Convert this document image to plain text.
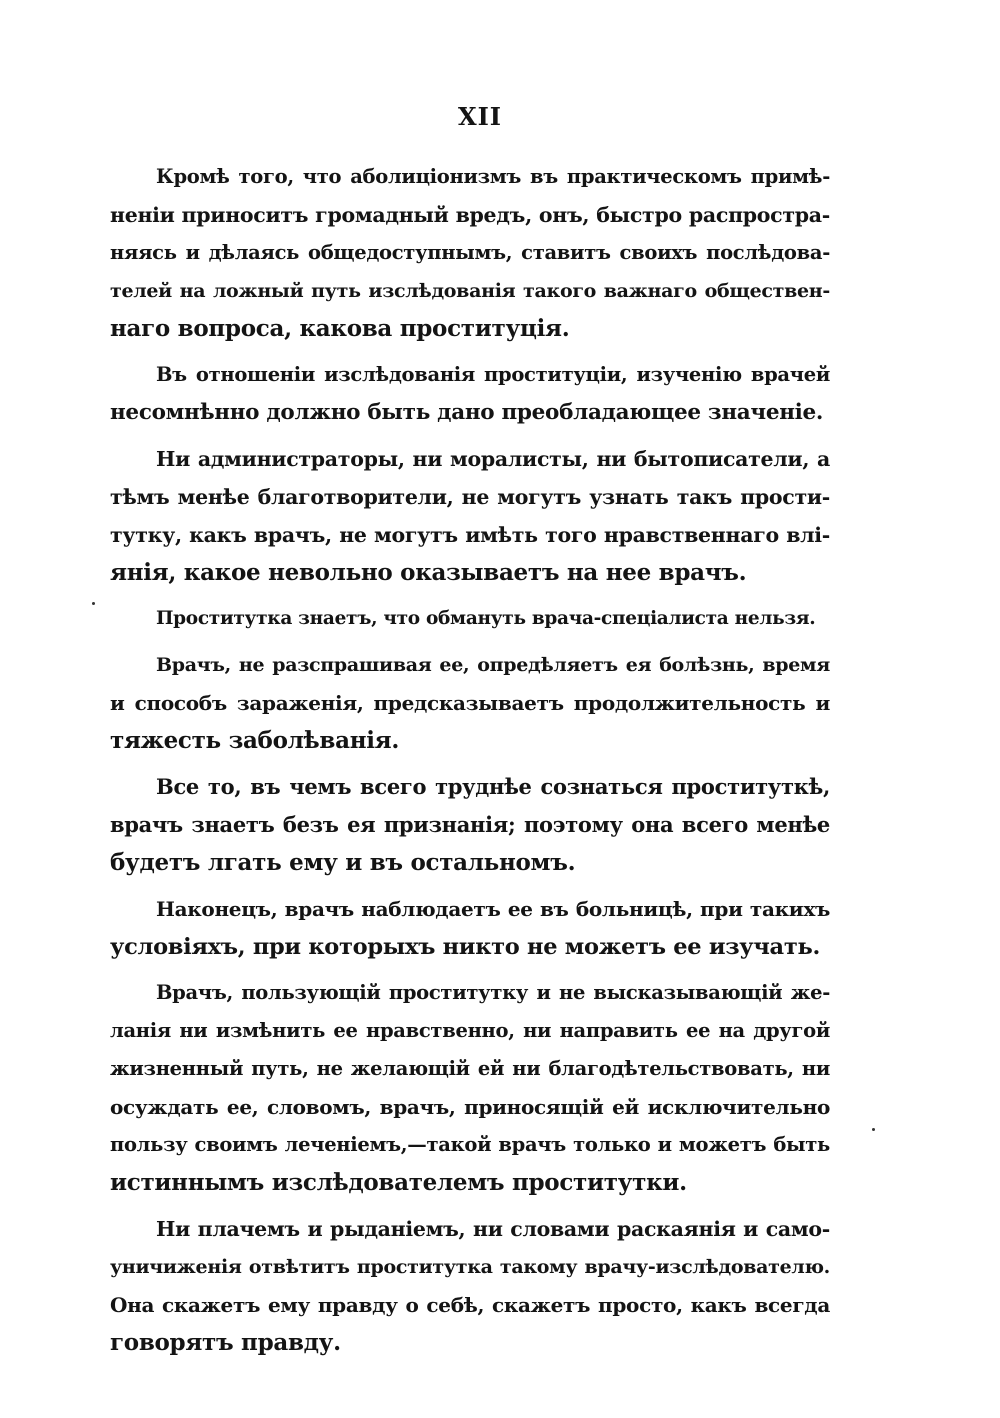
XII

Кромѣ того, что аболиціонизмъ въ практическомъ примѣ-
неніи приноситъ громадный вредъ, онъ, быстро распростра-
няясь и дѣлаясь общедоступнымъ, ставитъ своихъ послѣдова-
телей на ложный путь изслѣдованія такого важнаго обществен-
наго вопроса, какова проституція.

Въ отношеніи изслѣдованія проституціи, изученію врачей
несомнѣнно должно быть дано преобладающее значеніе.

Ни администраторы, ни моралисты, ни бытописатели, а
тѣмъ менѣе благотворители, не могутъ узнать такъ прости-
тутку, какъ врачъ, не могутъ имѣть того нравственнаго влі-
янія, какое невольно оказываетъ на нее врачъ.

Проститутка знаетъ, что обмануть врача-спеціалиста нельзя.

Врачъ, не разспрашивая ее, опредѣляетъ ея болѣзнь, время
и способъ зараженія, предсказываетъ продолжительность и
тяжесть заболѣванія.

Все то, въ чемъ всего труднѣе сознаться проституткѣ,
врачъ знаетъ безъ ея признанія; поэтому она всего менѣе
будетъ лгать ему и въ остальномъ.

Наконецъ, врачъ наблюдаетъ ее въ больницѣ, при такихъ
условіяхъ, при которыхъ никто не можетъ ее изучать.

Врачъ, пользующій проститутку и не высказывающій же-
ланія ни измѣнить ее нравственно, ни направить ее на другой
жизненный путь, не желающій ей ни благодѣтельствовать, ни
осуждать ее, словомъ, врачъ, приносящій ей исключительно
пользу своимъ леченіемъ,—такой врачъ только и можетъ быть
истиннымъ изслѣдователемъ проститутки.

Ни плачемъ и рыданіемъ, ни словами раскаянія и само-
уничиженія отвѣтитъ проститутка такому врачу-изслѣдователю.
Она скажетъ ему правду о себѣ, скажетъ просто, какъ всегда
говорятъ правду.
